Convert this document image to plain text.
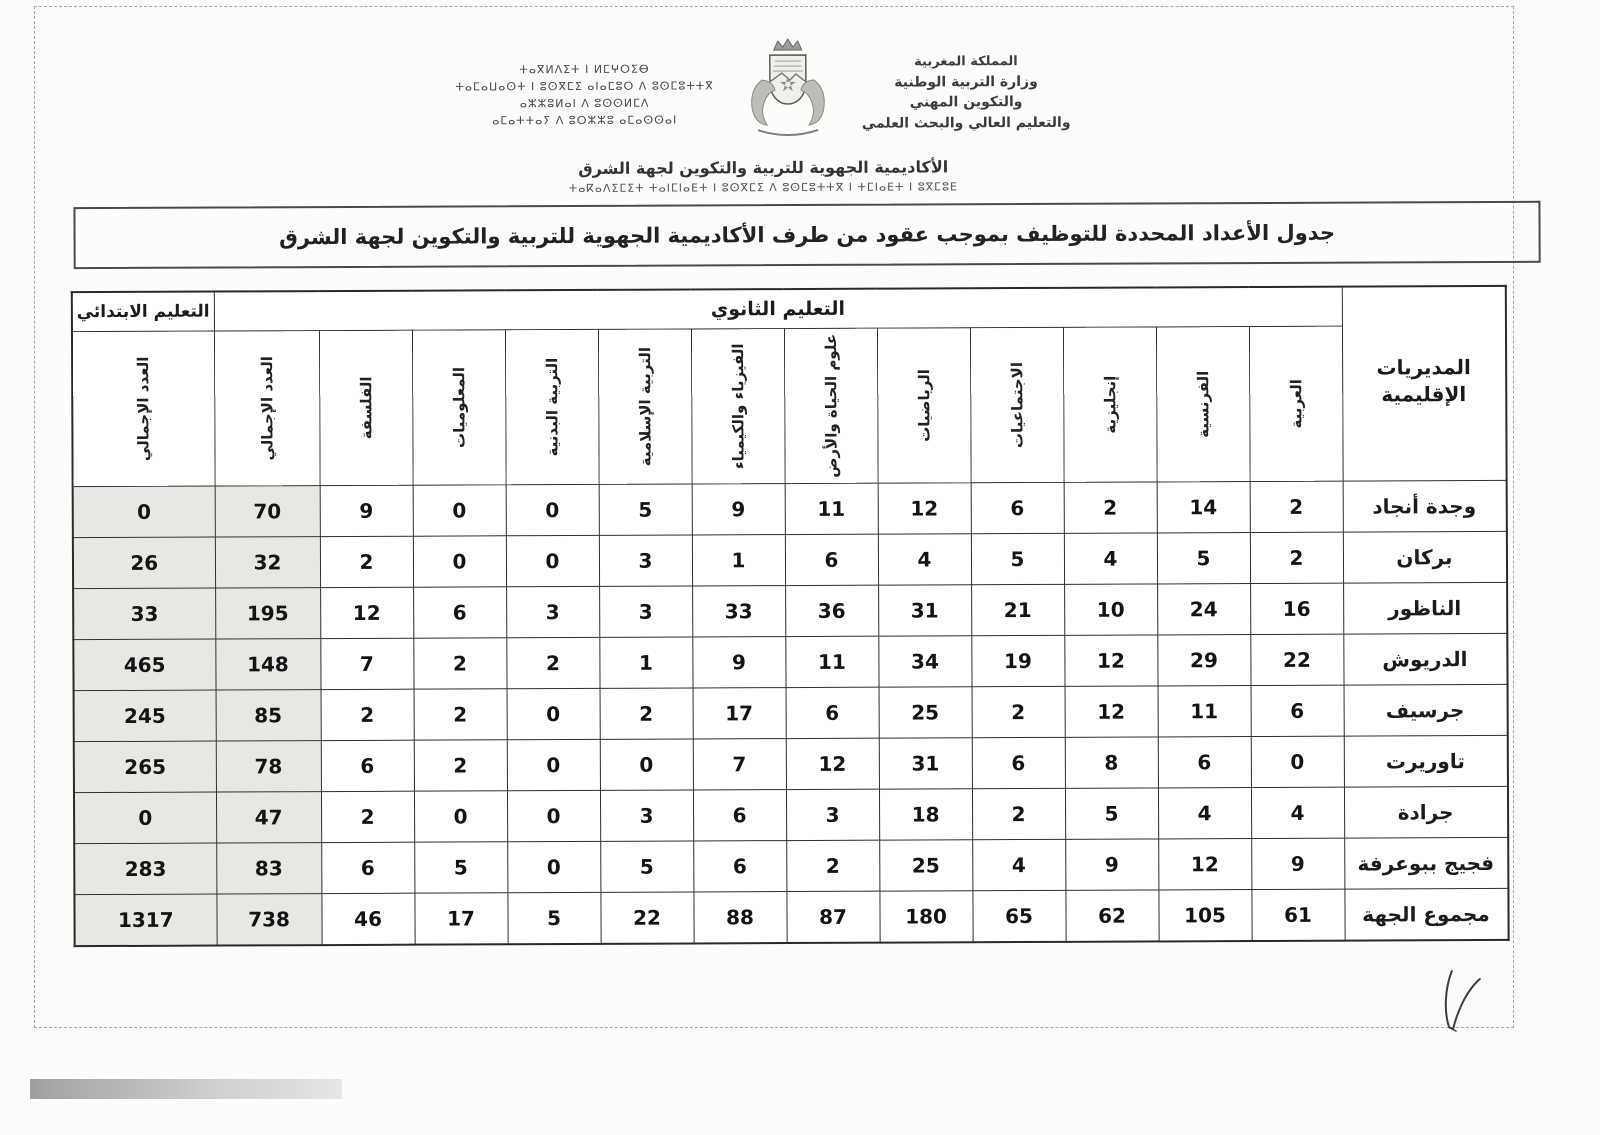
ⵜⴰⴳⵍⴷⵉⵜ ⵏ ⵍⵎⵖⵔⵉⴱ
ⵜⴰⵎⴰⵡⴰⵙⵜ ⵏ ⵓⵙⴳⵎⵉ ⴰⵏⴰⵎⵓⵔ ⴷ ⵓⵙⵎⵓⵜⵜⴳ
ⴰⵣⵣⵓⵍⴰⵏ ⴷ ⵓⵙⵙⵍⵎⴷ
ⴰⵎⴰⵜⵜⴰⵢ ⴷ ⵓⵔⵣⵣⵓ ⴰⵎⴰⵙⵙⴰⵏ
المملكة المغربية
وزارة التربية الوطنية
والتكوين المهني
والتعليم العالي والبحث العلمي
الأكاديمية الجهوية للتربية والتكوين لجهة الشرق
ⵜⴰⴽⴰⴷⵉⵎⵉⵜ ⵜⴰⵏⵎⵏⴰⴹⵜ ⵏ ⵓⵙⴳⵎⵉ ⴷ ⵓⵙⵎⵓⵜⵜⴳ ⵏ ⵜⵎⵏⴰⴹⵜ ⵏ ⵓⴳⵎⵓⴹ
جدول الأعداد المحددة للتوظيف بموجب عقود من طرف الأكاديمية الجهوية للتربية والتكوين لجهة الشرق
المديريات الإقليمية	التعليم الثانوي												التعليم الابتدائي

	العربية	الفرنسية	إنجليزية	الاجتماعيات	الرياضيات	علوم الحياة والأرض	الفيزياء والكيمياء	التربية الإسلامية	التربية البدنية	المعلوميات	الفلسفة	العدد الإجمالي	العدد الإجمالي

وجدة أنجاد	2	14	2	6	12	11	9	5	0	0	9	70	0
بركان	2	5	4	5	4	6	1	3	0	0	2	32	26
الناظور	16	24	10	21	31	36	33	3	3	6	12	195	33
الدريوش	22	29	12	19	34	11	9	1	2	2	7	148	465
جرسيف	6	11	12	2	25	6	17	2	0	2	2	85	245
تاوريرت	0	6	8	6	31	12	7	0	0	2	6	78	265
جرادة	4	4	5	2	18	3	6	3	0	0	2	47	0
فجيج ببوعرفة	9	12	9	4	25	2	6	5	0	5	6	83	283
مجموع الجهة	61	105	62	65	180	87	88	22	5	17	46	738	1317
